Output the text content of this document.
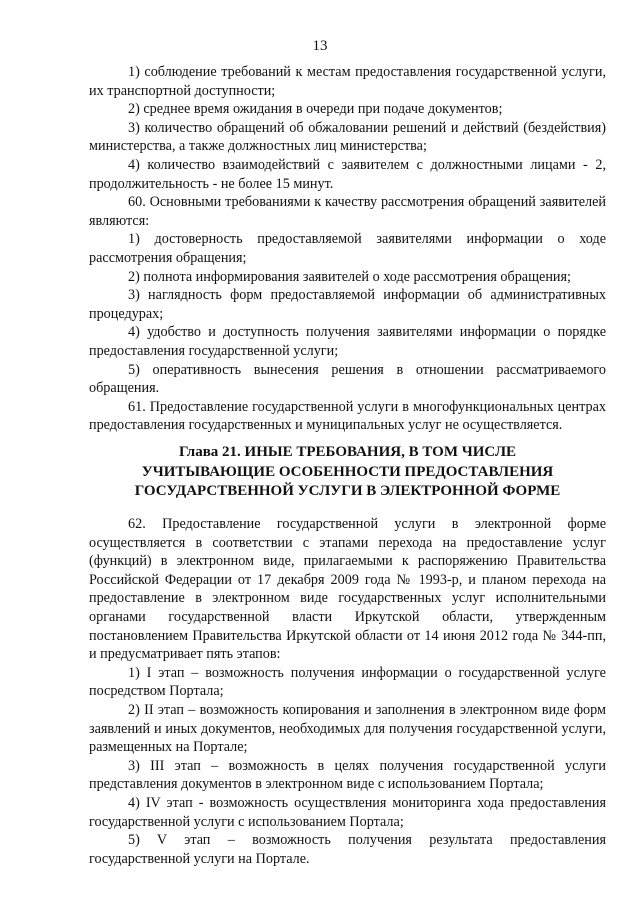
13

1) соблюдение требований к местам предоставления государственной услуги, их транспортной доступности;

2) среднее время ожидания в очереди при подаче документов;

3) количество обращений об обжаловании решений и действий (бездействия) министерства, а также должностных лиц министерства;

4) количество взаимодействий с заявителем с должностными лицами - 2, продолжительность - не более 15 минут.

60. Основными требованиями к качеству рассмотрения обращений заявителей являются:

1) достоверность предоставляемой заявителями информации о ходе рассмотрения обращения;

2) полнота информирования заявителей о ходе рассмотрения обращения;

3) наглядность форм предоставляемой информации об административных процедурах;

4) удобство и доступность получения заявителями информации о порядке предоставления государственной услуги;

5) оперативность вынесения решения в отношении рассматриваемого обращения.

61. Предоставление государственной услуги в многофункциональных центрах предоставления государственных и муниципальных услуг не осуществляется.

Глава 21. ИНЫЕ ТРЕБОВАНИЯ, В ТОМ ЧИСЛЕ
УЧИТЫВАЮЩИЕ ОСОБЕННОСТИ ПРЕДОСТАВЛЕНИЯ
ГОСУДАРСТВЕННОЙ УСЛУГИ В ЭЛЕКТРОННОЙ ФОРМЕ

62. Предоставление государственной услуги в электронной форме осуществляется в соответствии с этапами перехода на предоставление услуг (функций) в электронном виде, прилагаемыми к распоряжению Правительства Российской Федерации от 17 декабря 2009 года № 1993-р, и планом перехода на предоставление в электронном виде государственных услуг исполнительными органами государственной власти Иркутской области, утвержденным постановлением Правительства Иркутской области от 14 июня 2012 года № 344-пп, и предусматривает пять этапов:

1) I этап – возможность получения информации о государственной услуге посредством Портала;

2) II этап – возможность копирования и заполнения в электронном виде форм заявлений и иных документов, необходимых для получения государственной услуги, размещенных на Портале;

3) III этап – возможность в целях получения государственной услуги представления документов в электронном виде с использованием Портала;

4) IV этап - возможность осуществления мониторинга хода предоставления государственной услуги с использованием Портала;

5) V этап – возможность получения результата предоставления государственной услуги на Портале.
